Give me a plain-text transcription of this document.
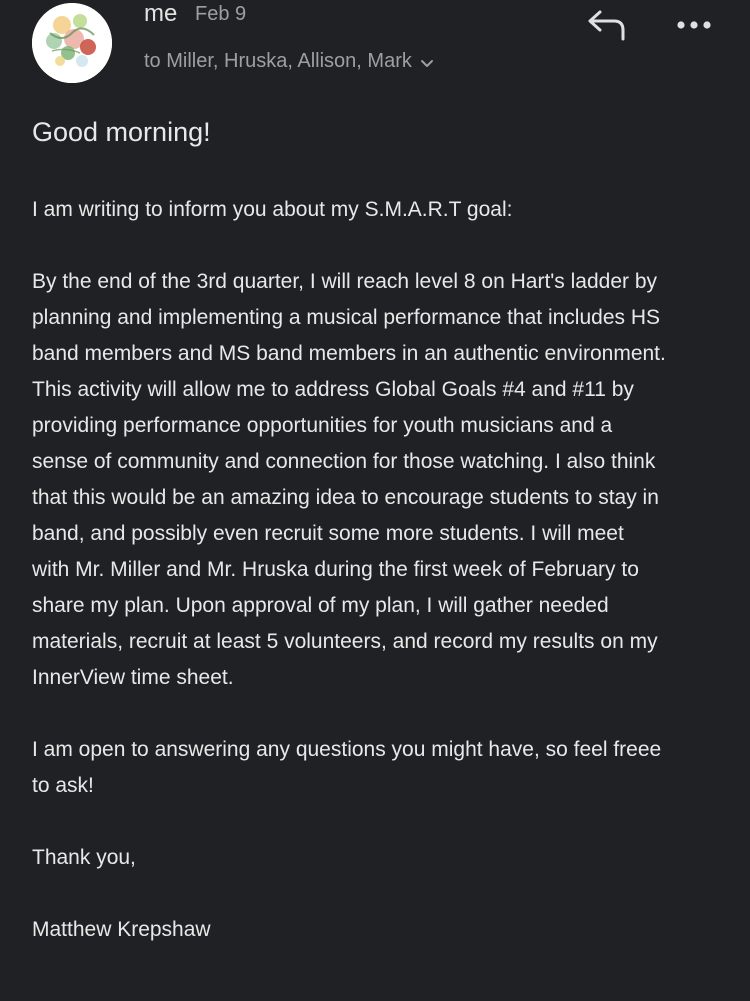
me Feb 9
to Miller, Hruska, Allison, Mark
Good morning!
I am writing to inform you about my S.M.A.R.T goal:
By the end of the 3rd quarter, I will reach level 8 on Hart's ladder by
planning and implementing a musical performance that includes HS
band members and MS band members in an authentic environment.
This activity will allow me to address Global Goals #4 and #11 by
providing performance opportunities for youth musicians and a
sense of community and connection for those watching. I also think
that this would be an amazing idea to encourage students to stay in
band, and possibly even recruit some more students. I will meet
with Mr. Miller and Mr. Hruska during the first week of February to
share my plan. Upon approval of my plan, I will gather needed
materials, recruit at least 5 volunteers, and record my results on my
InnerView time sheet.
I am open to answering any questions you might have, so feel freee
to ask!
Thank you,
Matthew Krepshaw
